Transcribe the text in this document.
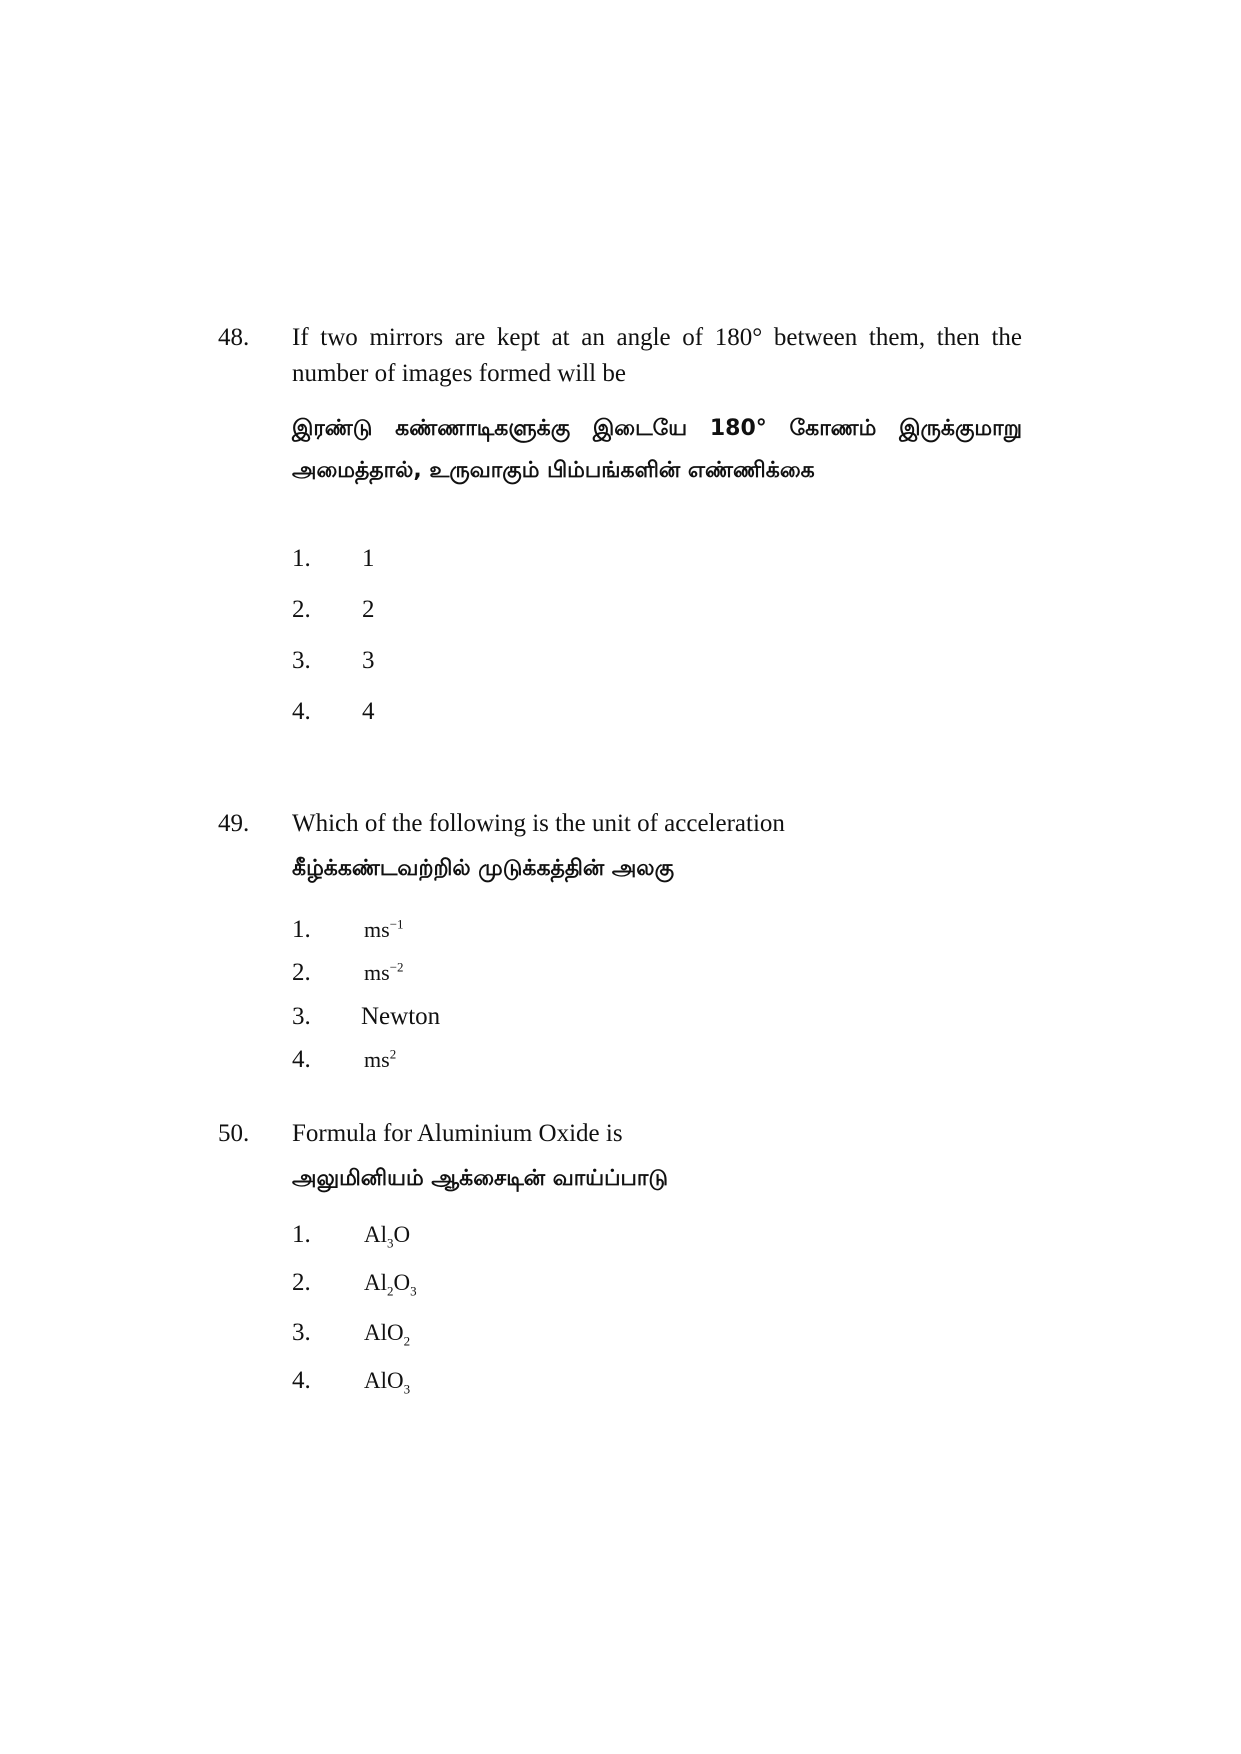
48. If two mirrors are kept at an angle of 180° between them, then the number of images formed will be
இரண்டு கண்ணாடிகளுக்கு இடையே 180° கோணம் இருக்குமாறு அமைத்தால், உருவாகும் பிம்பங்களின் எண்ணிக்கை
1. 1
2. 2
3. 3
4. 4
49. Which of the following is the unit of acceleration
கீழ்க்கண்டவற்றில் முடுக்கத்தின் அலகு
1. $ms^{-1}$
2. $ms^{-2}$
3. Newton
4. $ms^2$
50. Formula for Aluminium Oxide is
அலுமினியம் ஆக்சைடின் வாய்ப்பாடு
1. $Al_3O$
2. $Al_2O_3$
3. AlO$_2$
4. AlO$_3$
